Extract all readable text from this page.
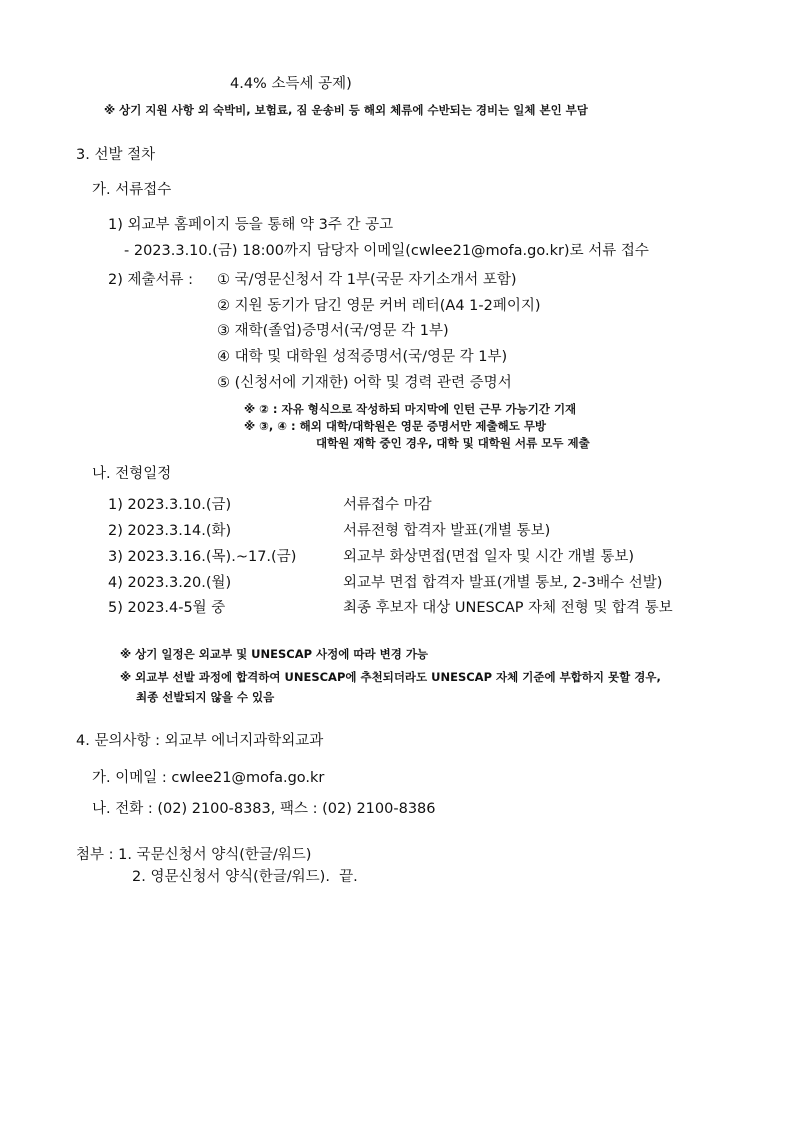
4.4% 소득세 공제)
※ 상기 지원 사항 외 숙박비, 보험료, 짐 운송비 등 해외 체류에 수반되는 경비는 일체 본인 부담
3. 선발 절차
가. 서류접수
1) 외교부 홈페이지 등을 통해 약 3주 간 공고
- 2023.3.10.(금) 18:00까지 담당자 이메일(cwlee21@mofa.go.kr)로 서류 접수
2) 제출서류 : ① 국/영문신청서 각 1부(국문 자기소개서 포함)
② 지원 동기가 담긴 영문 커버 레터(A4 1-2페이지)
③ 재학(졸업)증명서(국/영문 각 1부)
④ 대학 및 대학원 성적증명서(국/영문 각 1부)
⑤ (신청서에 기재한) 어학 및 경력 관련 증명서
※ ② : 자유 형식으로 작성하되 마지막에 인턴 근무 가능기간 기재
※ ③, ④ : 해외 대학/대학원은 영문 증명서만 제출해도 무방
대학원 재학 중인 경우, 대학 및 대학원 서류 모두 제출
나. 전형일정
1) 2023.3.10.(금)	서류접수 마감
2) 2023.3.14.(화)	서류전형 합격자 발표(개별 통보)
3) 2023.3.16.(목).~17.(금)	외교부 화상면접(면접 일자 및 시간 개별 통보)
4) 2023.3.20.(월)	외교부 면접 합격자 발표(개별 통보, 2-3배수 선발)
5) 2023.4-5월 중	최종 후보자 대상 UNESCAP 자체 전형 및 합격 통보
※ 상기 일정은 외교부 및 UNESCAP 사정에 따라 변경 가능
※ 외교부 선발 과정에 합격하여 UNESCAP에 추천되더라도 UNESCAP 자체 기준에 부합하지 못할 경우,
최종 선발되지 않을 수 있음
4. 문의사항 : 외교부 에너지과학외교과
가. 이메일 : cwlee21@mofa.go.kr
나. 전화 : (02) 2100-8383, 팩스 : (02) 2100-8386
첨부 : 1. 국문신청서 양식(한글/워드)
2. 영문신청서 양식(한글/워드).  끝.
